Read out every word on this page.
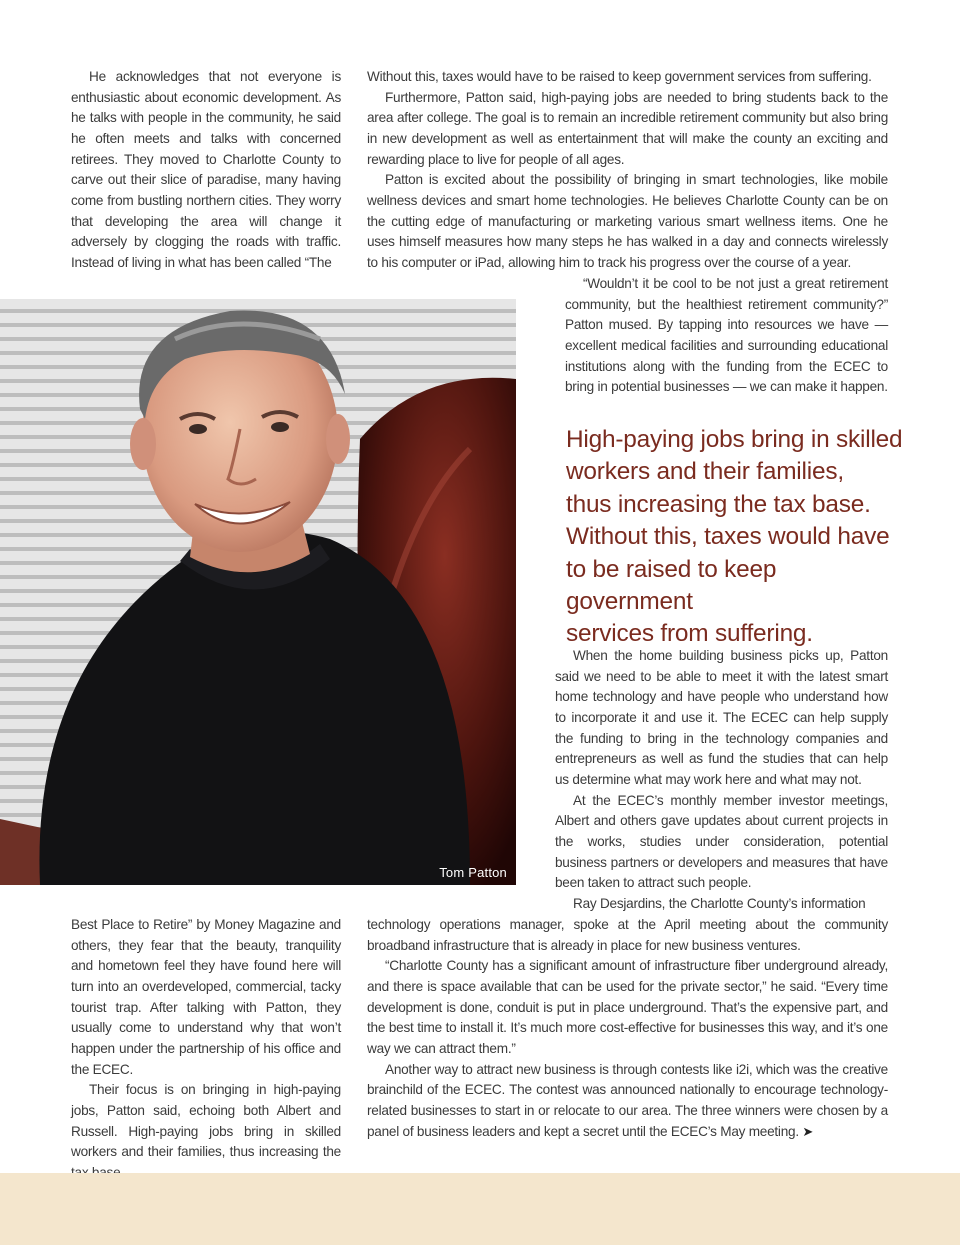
He acknowledges that not everyone is enthusiastic about economic development. As he talks with people in the community, he said he often meets and talks with concerned retirees. They moved to Charlotte County to carve out their slice of paradise, many having come from bustling northern cities. They worry that developing the area will change it adversely by clogging the roads with traffic. Instead of living in what has been called “The

Without this, taxes would have to be raised to keep government services from suffering.

Furthermore, Patton said, high-paying jobs are needed to bring students back to the area after college. The goal is to remain an incredible retirement community but also bring in new development as well as entertainment that will make the county an exciting and rewarding place to live for people of all ages.

Patton is excited about the possibility of bringing in smart technologies, like mobile wellness devices and smart home technologies. He believes Charlotte County can be on the cutting edge of manufacturing or marketing various smart wellness items. One he uses himself measures how many steps he has walked in a day and connects wirelessly to his computer or iPad, allowing him to track his progress over the course of a year.

“Wouldn’t it be cool to be not just a great retirement community, but the healthiest retirement community?” Patton mused. By tapping into resources we have — excellent medical facilities and surrounding educational institutions along with the funding from the ECEC to bring in potential businesses — we can make it happen.

High-paying jobs bring in skilled

workers and their families,

thus increasing the tax base.

Without this, taxes would have

to be raised to keep government

services from suffering.

When the home building business picks up, Patton said we need to be able to meet it with the latest smart home technology and have people who understand how to incorporate it and use it. The ECEC can help supply the funding to bring in the technology companies and entrepreneurs as well as fund the studies that can help us determine what may work here and what may not.

At the ECEC’s monthly member investor meetings, Albert and others gave updates about current projects in the works, studies under consideration, potential business partners or developers and measures that have been taken to attract such people.

Ray Desjardins, the Charlotte County’s information

technology operations manager, spoke at the April meeting about the community broadband infrastructure that is already in place for new business ventures.

“Charlotte County has a significant amount of infrastructure fiber underground already, and there is space available that can be used for the private sector,” he said. “Every time development is done, conduit is put in place underground. That’s the expensive part, and the best time to install it. It’s much more cost-effective for businesses this way, and it’s one way we can attract them.”

Another way to attract new business is through contests like i2i, which was the creative brainchild of the ECEC. The contest was announced nationally to encourage technology-related businesses to start in or relocate to our area. The three winners were chosen by a panel of business leaders and kept a secret until the ECEC’s May meeting. ➤

Best Place to Retire” by Money Magazine and others, they fear that the beauty, tranquility and hometown feel they have found here will turn into an overdeveloped, commercial, tacky tourist trap. After talking with Patton, they usually come to understand why that won’t happen under the partnership of his office and the ECEC.

Their focus is on bringing in high-paying jobs, Patton said, echoing both Albert and Russell. High-paying jobs bring in skilled workers and their families, thus increasing the

Tom Patton
